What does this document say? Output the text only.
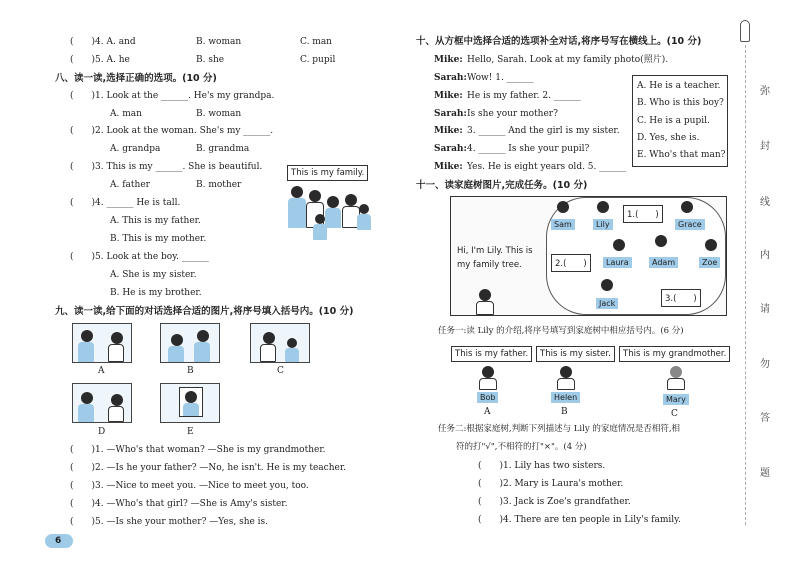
(　　)4. A. and	B. woman	C. man
(　　)5. A. he	B. she	C. pupil
八、读一读,选择正确的选项。(10 分)
(　　)1. Look at the ______. He's my grandpa.
A. man	B. woman
(　　)2. Look at the woman. She's my ______.
A. grandpa	B. grandma
(　　)3. This is my ______. She is beautiful.
A. father	B. mother
(　　)4. ______ He is tall.
A. This is my father.
B. This is my mother.
(　　)5. Look at the boy. ______
A. She is my sister.
B. He is my brother.
This is my family.
九、读一读,给下面的对话选择合适的图片,将序号填入括号内。(10 分)
A	B	C
D	E
(　　)1. —Who's that woman? —She is my grandmother.
(　　)2. —Is he your father? —No, he isn't. He is my teacher.
(　　)3. —Nice to meet you. —Nice to meet you, too.
(　　)4. —Who's that girl? —She is Amy's sister.
(　　)5. —Is she your mother? —Yes, she is.
6
十、从方框中选择合适的选项补全对话,将序号写在横线上。(10 分)
Mike: Hello, Sarah. Look at my family photo(照片).
Sarah: Wow! 1. ______
Mike: He is my father. 2. ______
Sarah: Is she your mother?
Mike: 3. ______ And the girl is my sister.
Sarah: 4. ______ Is she your pupil?
Mike: Yes. He is eight years old. 5. ______
A. He is a teacher.
B. Who is this boy?
C. He is a pupil.
D. Yes, she is.
E. Who's that man?
十一、读家庭树图片,完成任务。(10 分)
Hi, I'm Lily. This is
my family tree.
Sam	Lily
1.(　　)
Grace
2.(　　)	Laura	Adam	Zoe
Jack	3.(　　)
任务一:读 Lily 的介绍,将序号填写到家庭树中相应括号内。(6 分)
This is my father.	This is my sister.	This is my grandmother.
Bob
A
Helen
B
Mary
C
任务二:根据家庭树,判断下列描述与 Lily 的家庭情况是否相符,相
符的打"√",不相符的打"×"。(4 分)
(　　)1. Lily has two sisters.
(　　)2. Mary is Laura's mother.
(　　)3. Jack is Zoe's grandfather.
(　　)4. There are ten people in Lily's family.
弥
封
线
内
请
勿
答
题
